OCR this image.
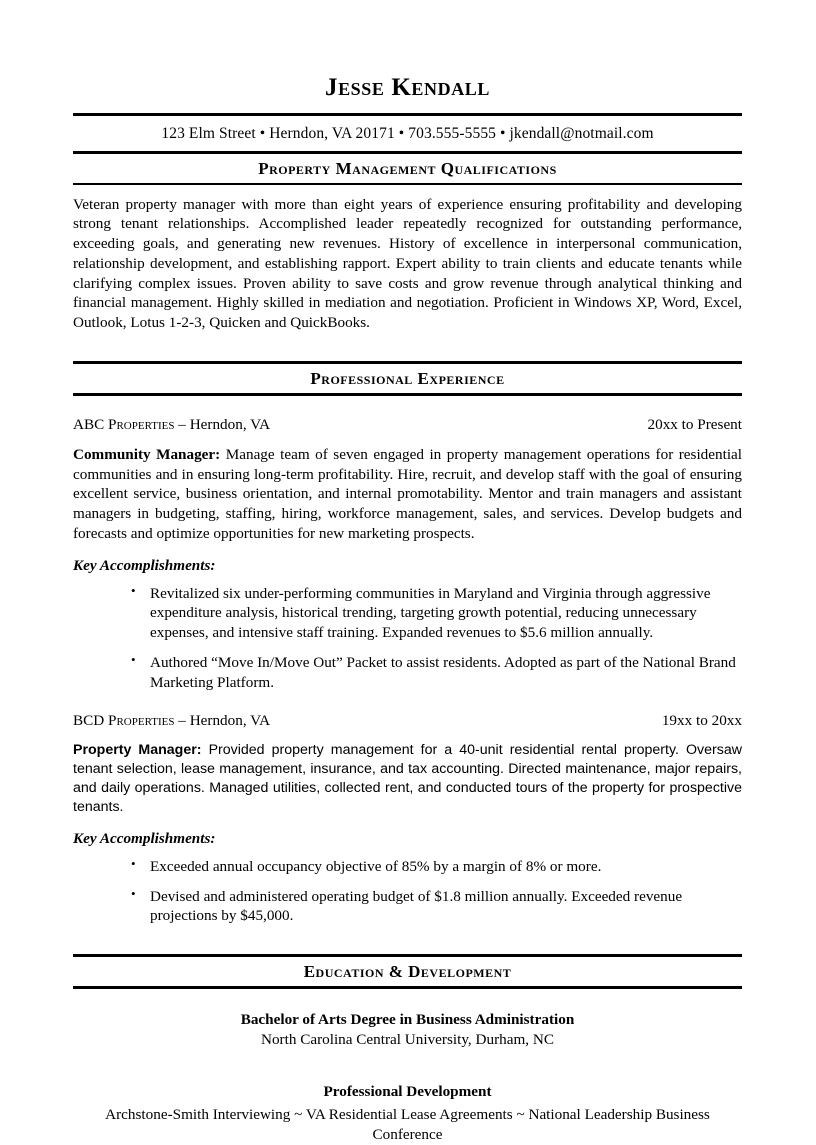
Jesse Kendall
123 Elm Street • Herndon, VA 20171 • 703.555-5555 • jkendall@notmail.com
Property Management Qualifications

Veteran property manager with more than eight years of experience ensuring profitability and developing strong tenant relationships. Accomplished leader repeatedly recognized for outstanding performance, exceeding goals, and generating new revenues. History of excellence in interpersonal communication, relationship development, and establishing rapport. Expert ability to train clients and educate tenants while clarifying complex issues. Proven ability to save costs and grow revenue through analytical thinking and financial management. Highly skilled in mediation and negotiation. Proficient in Windows XP, Word, Excel, Outlook, Lotus 1-2-3, Quicken and QuickBooks.

Professional Experience
ABC Properties – Herndon, VA	20xx to Present

Community Manager: Manage team of seven engaged in property management operations for residential communities and in ensuring long-term profitability. Hire, recruit, and develop staff with the goal of ensuring excellent service, business orientation, and internal promotability. Mentor and train managers and assistant managers in budgeting, staffing, hiring, workforce management, sales, and services. Develop budgets and forecasts and optimize opportunities for new marketing prospects.

Key Accomplishments:
• Revitalized six under-performing communities in Maryland and Virginia through aggressive expenditure analysis, historical trending, targeting growth potential, reducing unnecessary expenses, and intensive staff training. Expanded revenues to $5.6 million annually.
• Authored “Move In/Move Out” Packet to assist residents. Adopted as part of the National Brand Marketing Platform.
BCD Properties – Herndon, VA	19xx to 20xx

Property Manager: Provided property management for a 40-unit residential rental property. Oversaw tenant selection, lease management, insurance, and tax accounting. Directed maintenance, major repairs, and daily operations. Managed utilities, collected rent, and conducted tours of the property for prospective tenants.

Key Accomplishments:
• Exceeded annual occupancy objective of 85% by a margin of 8% or more.
• Devised and administered operating budget of $1.8 million annually. Exceeded revenue projections by $45,000.
Education & Development
Bachelor of Arts Degree in Business Administration
North Carolina Central University, Durham, NC
Professional Development
Archstone-Smith Interviewing ~ VA Residential Lease Agreements ~ National Leadership Business Conference
